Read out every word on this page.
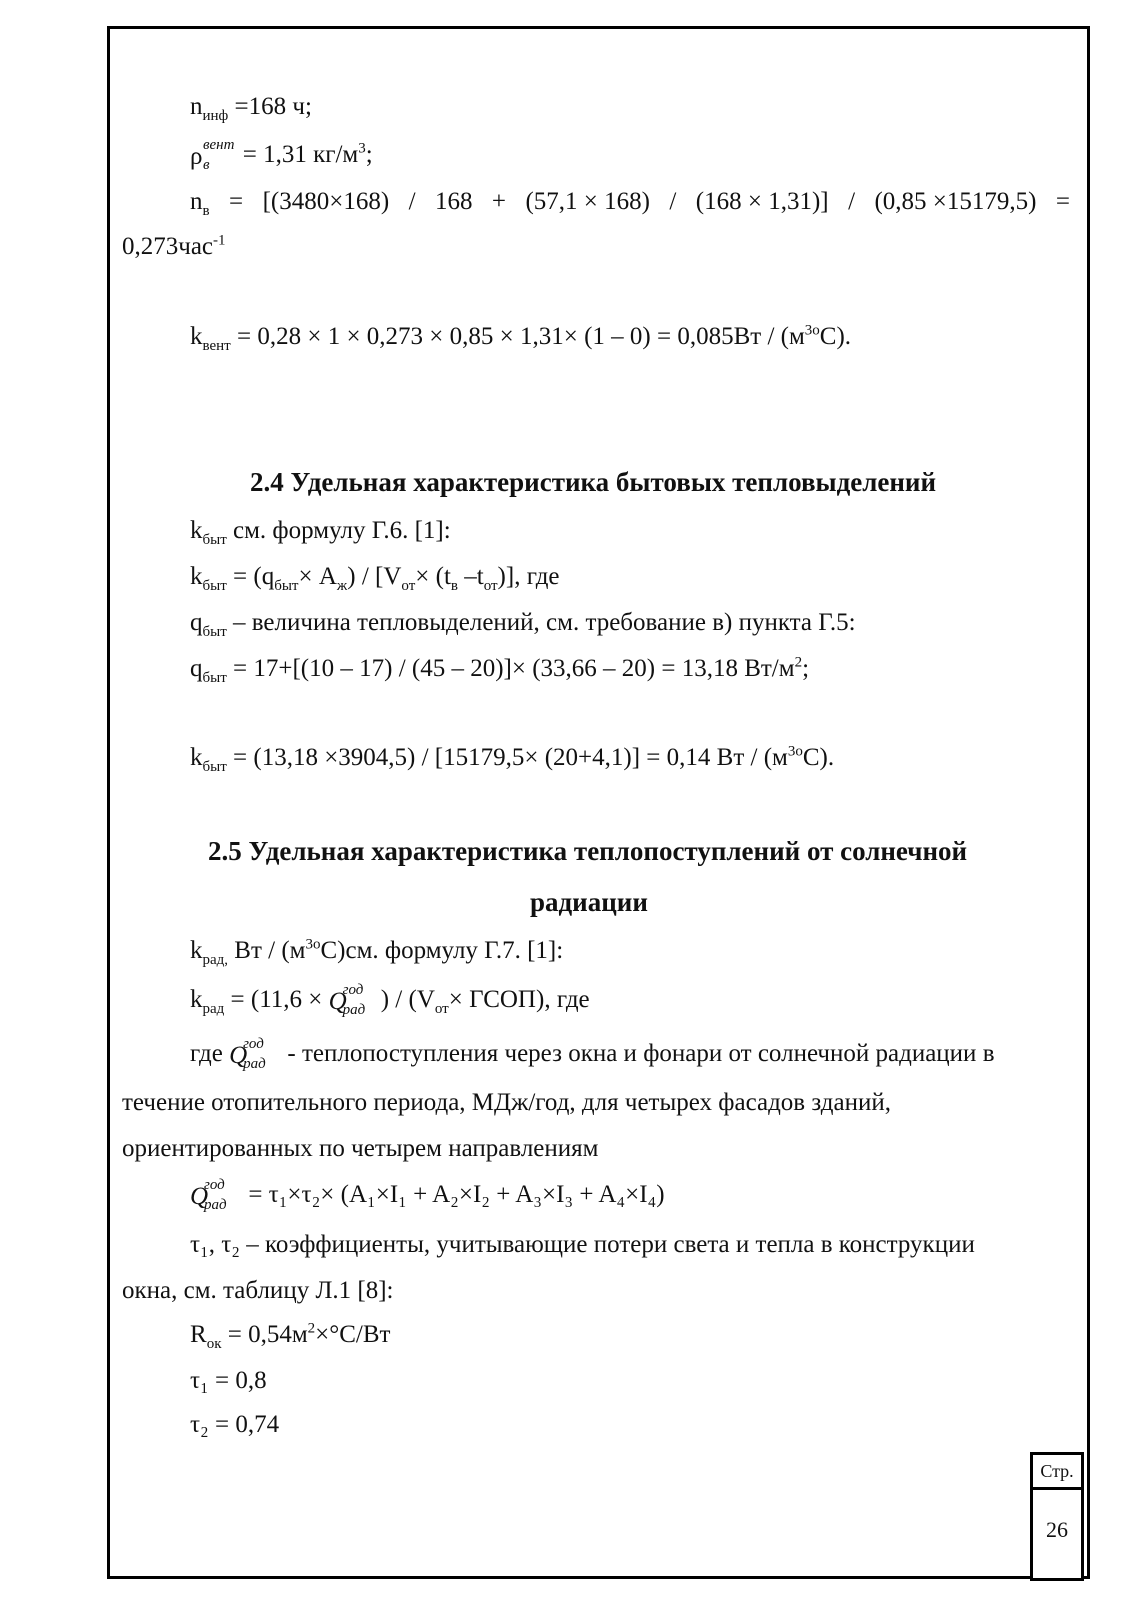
$n_{инф} =168$ ч;
ρ вент
в = 1,31 $кг/м^3$;
$n_в = [(3480\times 168) / 168 + (57,1 \times 168) / (168 \times 1,31)] / (0,85 \times 15179,5)$ =
0,273час$^{-1}$
$k_{вент} = 0,28 \times 1 \times 0,273 \times 0,85 \times 1,31\times (1 - 0) = 0,085Вт / (м^{3о}С)$.
2.4 Удельная характеристика бытовых тепловыделений
$k_{быт}$ см. формулу Г.6. [1]:
$k_{быт} = (q_{быт}\times A_ж) / [V_{от}\times (t_в$ $-t_{от}$)], где
$q_{быт}$ – величина тепловыделений, см. требование в) пункта Г.5:
$q_{быт} = 17+[(10 - 17) / (45 - 20)]\times (33,66 - 20) = 13,18$ $Вт/м^2$;
$k_{быт} = (13,18 \times 3904,5) / [15179,5\times (20+4,1)] = 0,14$ Вт / $(м^{3о}С)$.
2.5 Удельная характеристика теплопоступлений от солнечной
радиации
$k_{рад,}$ Вт / $(м^{3о}С)см$. формулу Г.7. [1]:
$k_{рад} = (11,6 \times Q$
год
рад ) / ($V_{от}\times$ ГСОП), где
где Q
год
рад - теплопоступления через окна и фонари от солнечной радиации в
течение отопительного периода, МДж/год, для четырех фасадов зданий,
ориентированных по четырем направлениям
Q
год
рад = τ₁×τ₂× (A₁×I₁ + A₂×I₂ + A₃×I₃ + A₄×I₄)
τ₁, τ₂ – коэффициенты, учитывающие потери света и тепла в конструкции
окна, см. таблицу Л.1 [8]:
$R_{ок} = 0,54м^2\times^\circ С/Вт$
τ₁ = 0,8
τ₂ = 0,74
Стр.
26
